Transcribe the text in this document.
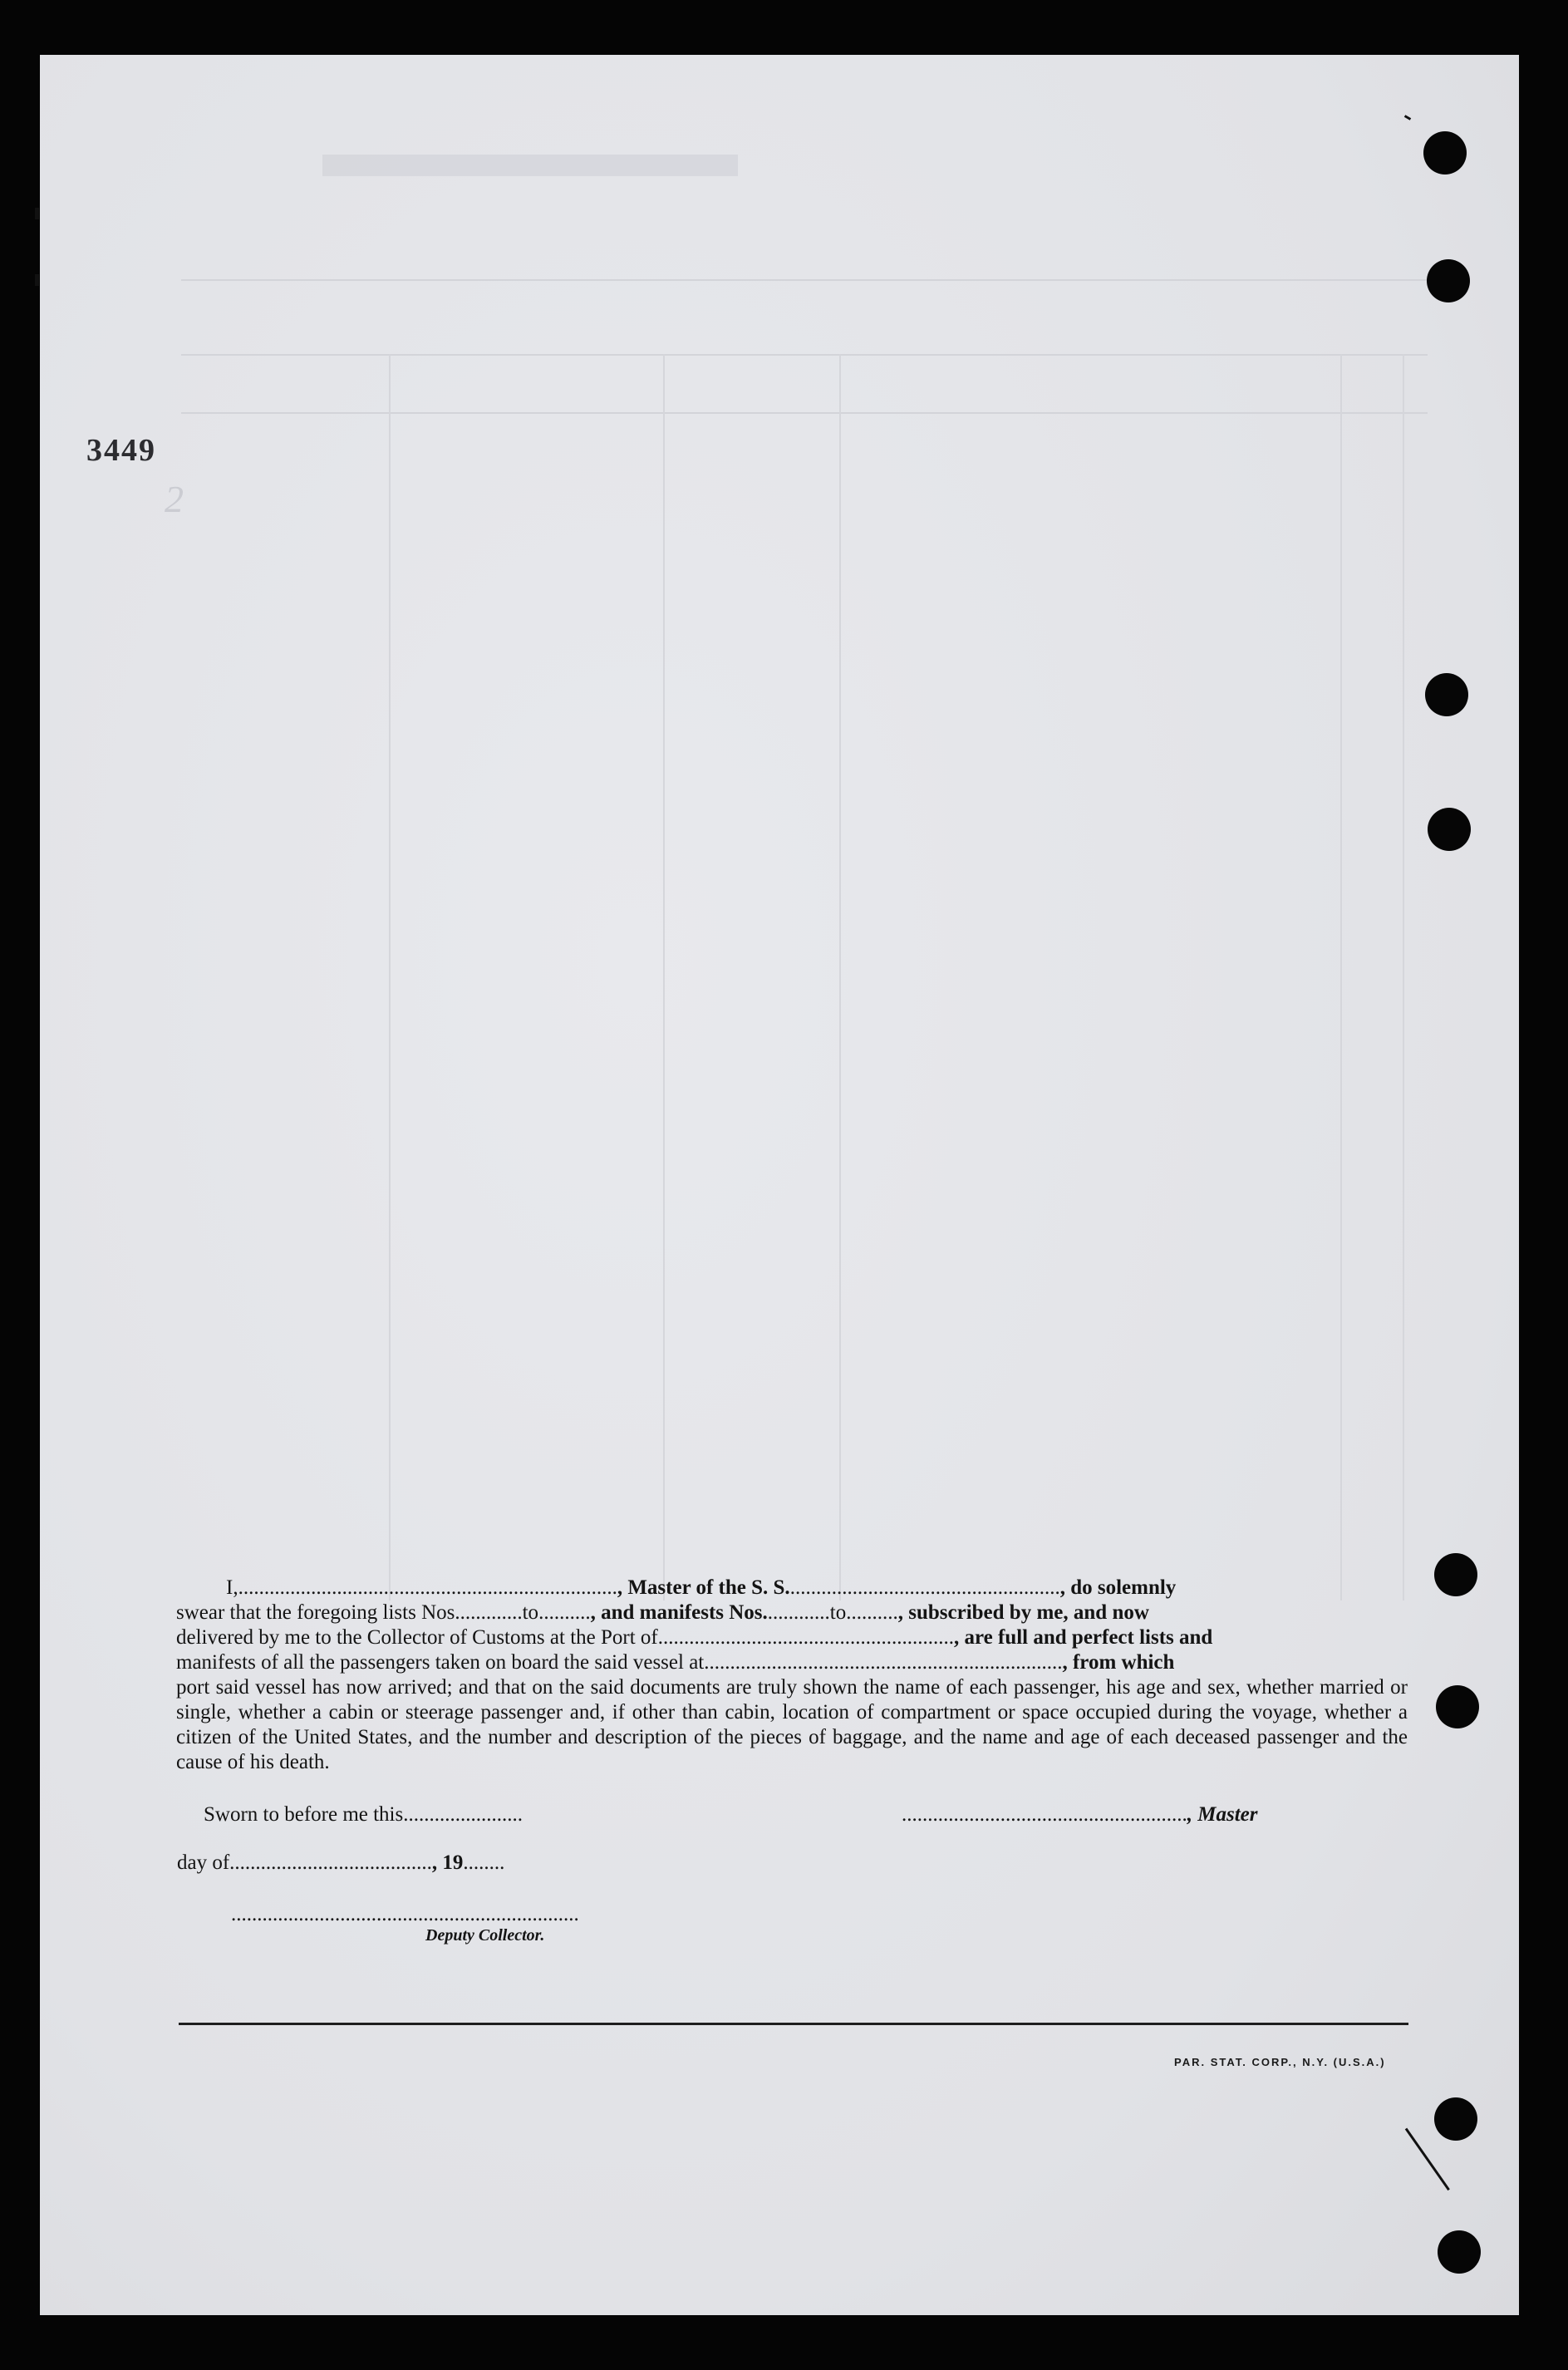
2
3449

I,........................................................................., Master of the S. S....................................................., do solemnly

swear that the foregoing lists Nos.............to.........., and manifests Nos.............to.........., subscribed by me, and now

delivered by me to the Collector of Customs at the Port of........................................................., are full and perfect lists and

manifests of all the passengers taken on board the said vessel at....................................................................., from which

port said vessel has now arrived; and that on the said documents are truly shown the name of each passenger, his age and sex, whether married or single, whether a cabin or steerage passenger and, if other than cabin, location of compartment or space occupied during the voyage, whether a citizen of the United States, and the number and description of the pieces of baggage, and the name and age of each deceased passenger and the cause of his death.

Sworn to before me this.......................	......................................................., Master
day of......................................., 19........
...................................................................
Deputy Collector.
PAR. STAT. CORP., N.Y. (U.S.A.)
